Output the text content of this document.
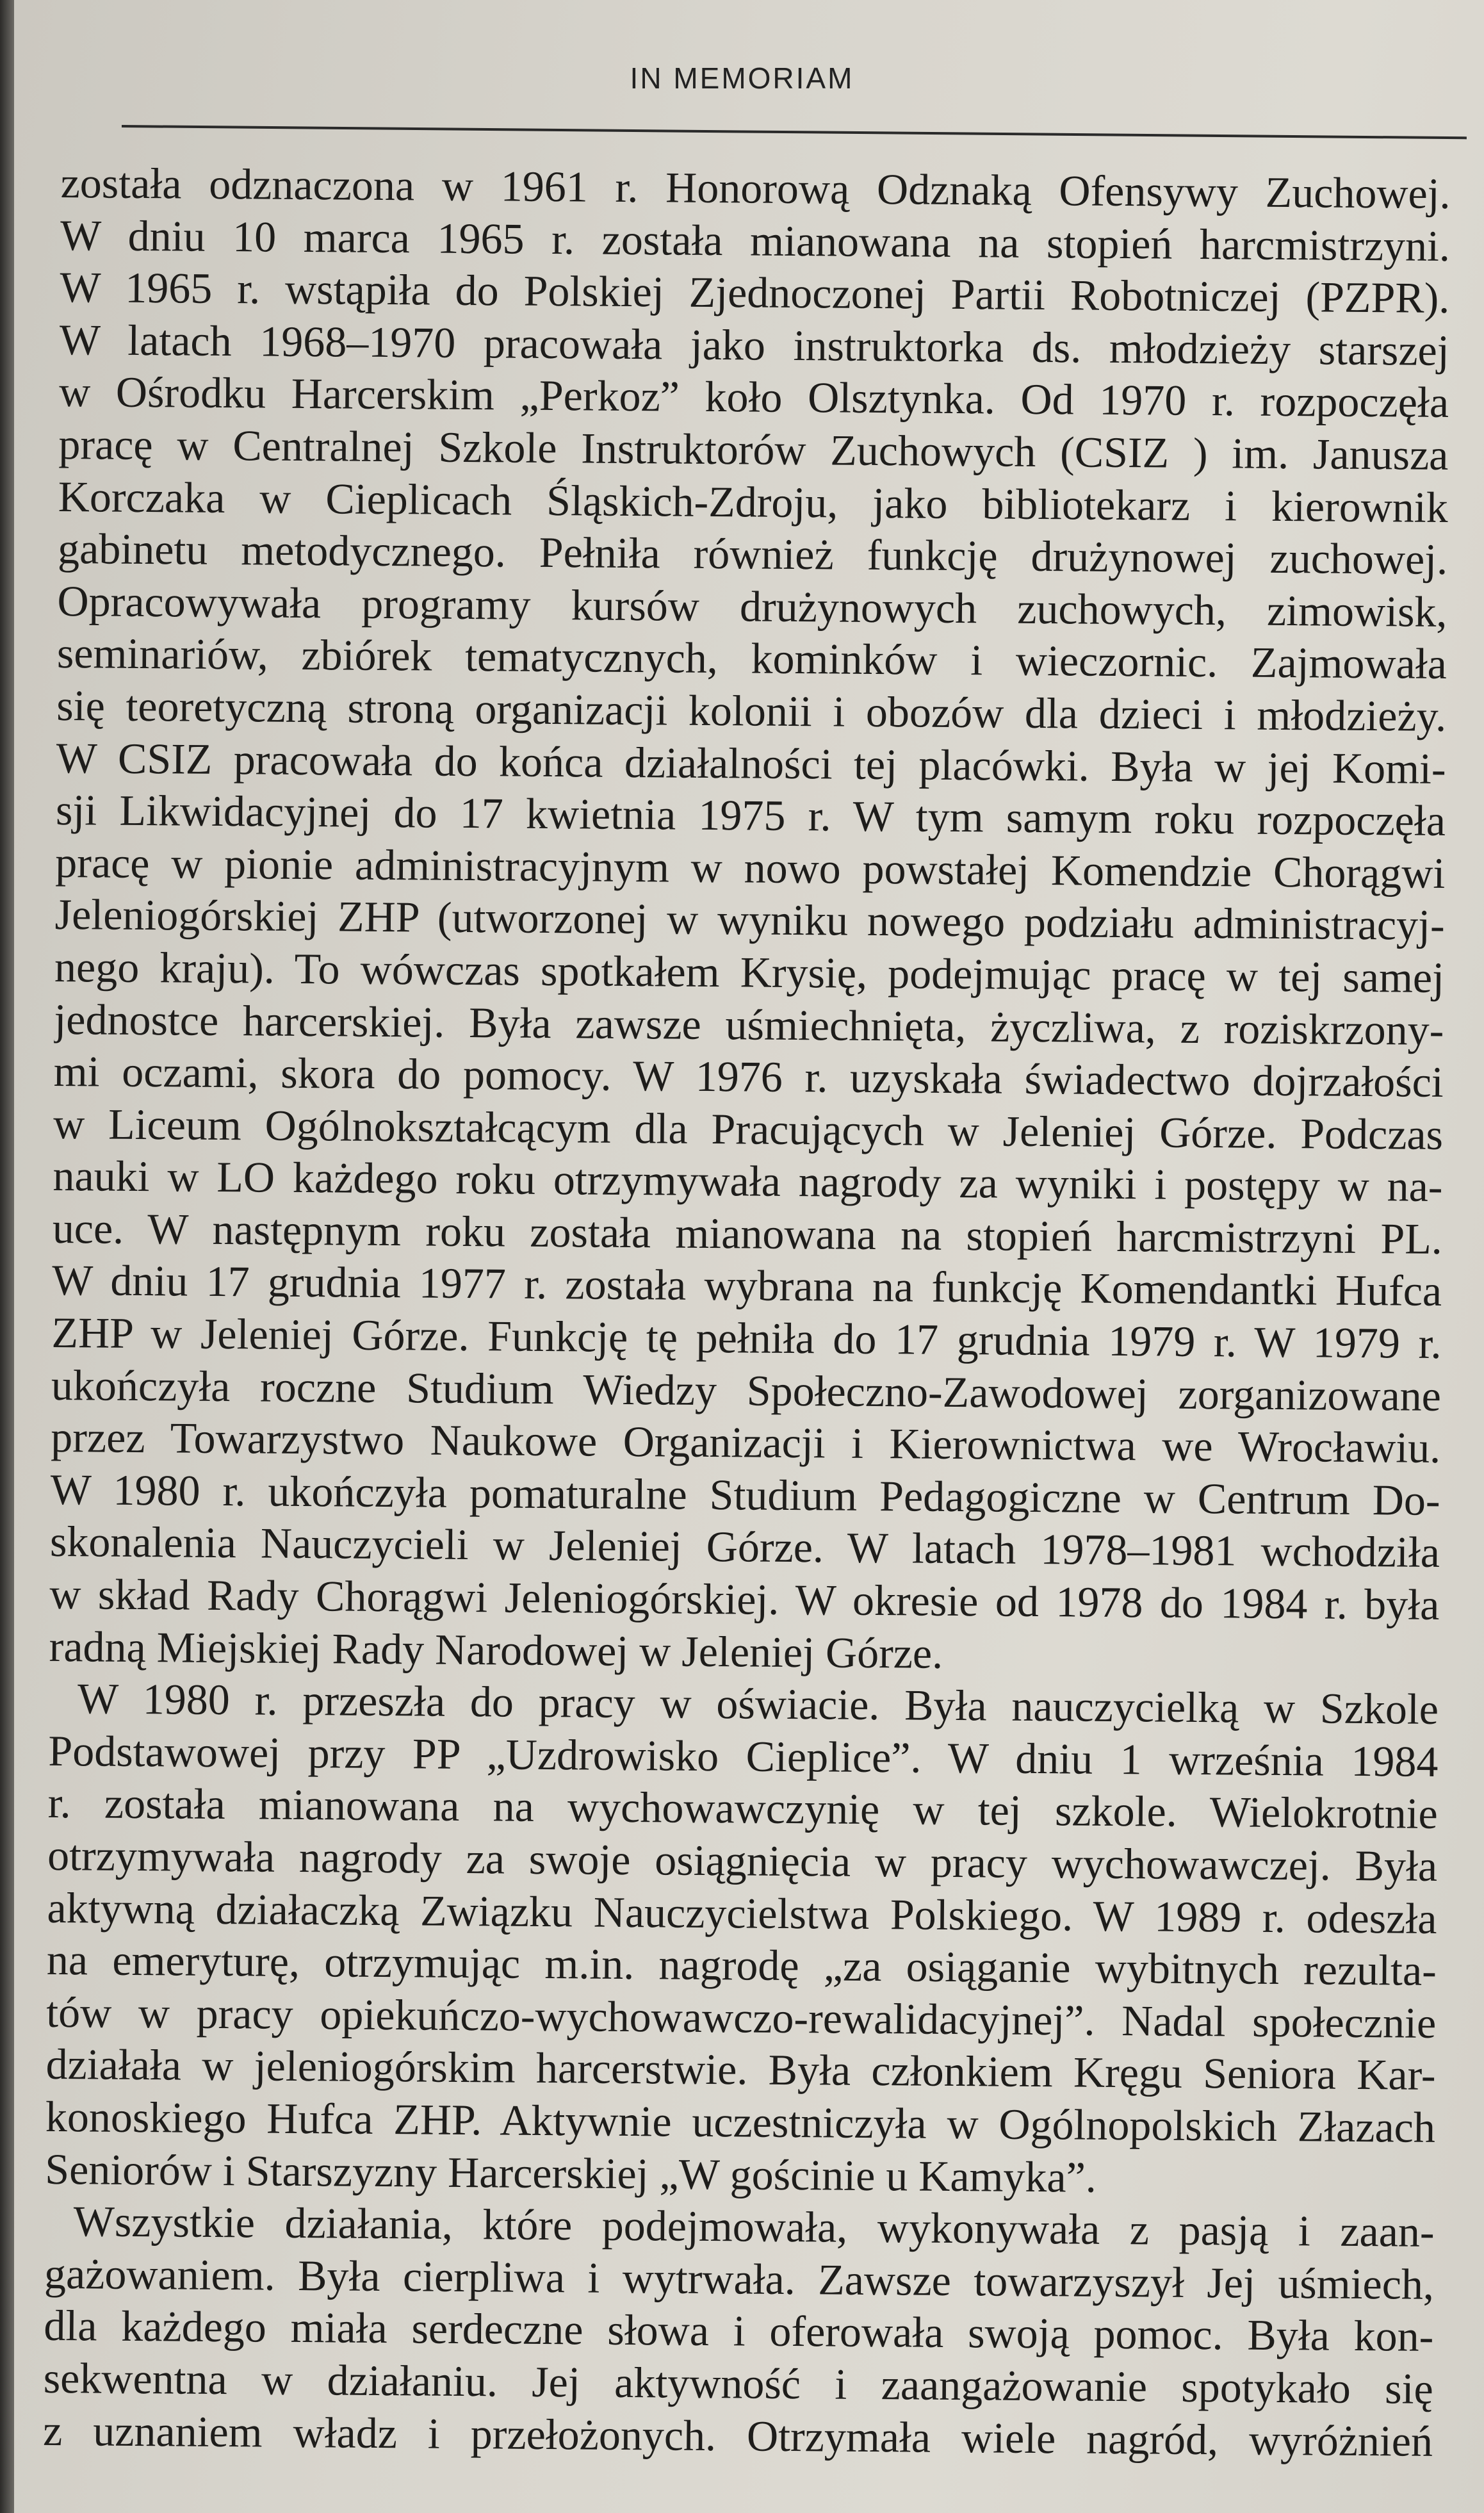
IN MEMORIAM
została odznaczona w 1961 r. Honorową Odznaką Ofensywy Zuchowej.
W dniu 10 marca 1965 r. została mianowana na stopień harcmistrzyni.
W 1965 r. wstąpiła do Polskiej Zjednoczonej Partii Robotniczej (PZPR).
W latach 1968–1970 pracowała jako instruktorka ds. młodzieży starszej
w Ośrodku Harcerskim „Perkoz” koło Olsztynka. Od 1970 r. rozpoczęła
pracę w Centralnej Szkole Instruktorów Zuchowych (CSIZ ) im. Janusza
Korczaka w Cieplicach Śląskich-Zdroju, jako bibliotekarz i kierownik
gabinetu metodycznego. Pełniła również funkcję drużynowej zuchowej.
Opracowywała programy kursów drużynowych zuchowych, zimowisk,
seminariów, zbiórek tematycznych, kominków i wieczornic. Zajmowała
się teoretyczną stroną organizacji kolonii i obozów dla dzieci i młodzieży.
W CSIZ pracowała do końca działalności tej placówki. Była w jej Komi-
sji Likwidacyjnej do 17 kwietnia 1975 r. W tym samym roku rozpoczęła
pracę w pionie administracyjnym w nowo powstałej Komendzie Chorągwi
Jeleniogórskiej ZHP (utworzonej w wyniku nowego podziału administracyj-
nego kraju). To wówczas spotkałem Krysię, podejmując pracę w tej samej
jednostce harcerskiej. Była zawsze uśmiechnięta, życzliwa, z roziskrzony-
mi oczami, skora do pomocy. W 1976 r. uzyskała świadectwo dojrzałości
w Liceum Ogólnokształcącym dla Pracujących w Jeleniej Górze. Podczas
nauki w LO każdego roku otrzymywała nagrody za wyniki i postępy w na-
uce. W następnym roku została mianowana na stopień harcmistrzyni PL.
W dniu 17 grudnia 1977 r. została wybrana na funkcję Komendantki Hufca
ZHP w Jeleniej Górze. Funkcję tę pełniła do 17 grudnia 1979 r. W 1979 r.
ukończyła roczne Studium Wiedzy Społeczno-Zawodowej zorganizowane
przez Towarzystwo Naukowe Organizacji i Kierownictwa we Wrocławiu.
W 1980 r. ukończyła pomaturalne Studium Pedagogiczne w Centrum Do-
skonalenia Nauczycieli w Jeleniej Górze. W latach 1978–1981 wchodziła
w skład Rady Chorągwi Jeleniogórskiej. W okresie od 1978 do 1984 r. była
radną Miejskiej Rady Narodowej w Jeleniej Górze.
W 1980 r. przeszła do pracy w oświacie. Była nauczycielką w Szkole
Podstawowej przy PP „Uzdrowisko Cieplice”. W dniu 1 września 1984
r. została mianowana na wychowawczynię w tej szkole. Wielokrotnie
otrzymywała nagrody za swoje osiągnięcia w pracy wychowawczej. Była
aktywną działaczką Związku Nauczycielstwa Polskiego. W 1989 r. odeszła
na emeryturę, otrzymując m.in. nagrodę „za osiąganie wybitnych rezulta-
tów w pracy opiekuńczo-wychowawczo-rewalidacyjnej”. Nadal społecznie
działała w jeleniogórskim harcerstwie. Była członkiem Kręgu Seniora Kar-
konoskiego Hufca ZHP. Aktywnie uczestniczyła w Ogólnopolskich Złazach
Seniorów i Starszyzny Harcerskiej „W gościnie u Kamyka”.
Wszystkie działania, które podejmowała, wykonywała z pasją i zaan-
gażowaniem. Była cierpliwa i wytrwała. Zawsze towarzyszył Jej uśmiech,
dla każdego miała serdeczne słowa i oferowała swoją pomoc. Była kon-
sekwentna w działaniu. Jej aktywność i zaangażowanie spotykało się
z uznaniem władz i przełożonych. Otrzymała wiele nagród, wyróżnień
